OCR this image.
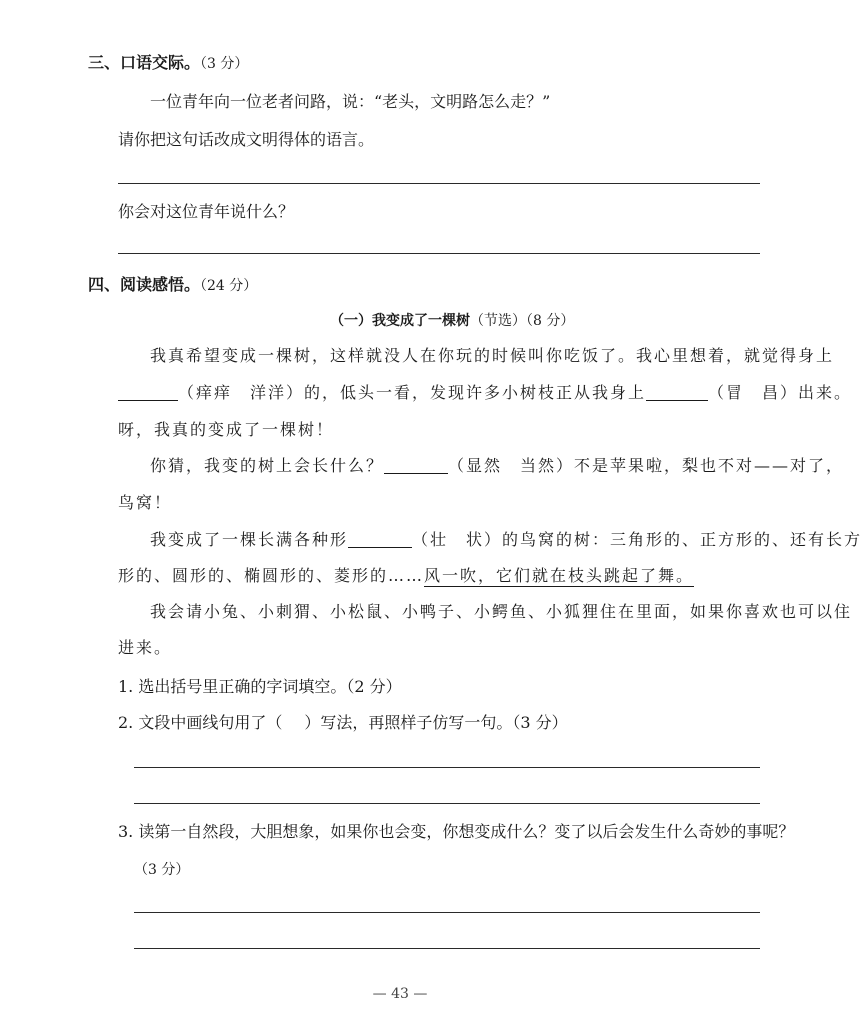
三、口语交际。（3 分）
一位青年向一位老者问路，说：“老头，文明路怎么走？”
请你把这句话改成文明得体的语言。
你会对这位青年说什么？
四、阅读感悟。（24 分）
（一）我变成了一棵树（节选）（8 分）
我真希望变成一棵树，这样就没人在你玩的时候叫你吃饭了。我心里想着，就觉得身上
（痒痒　洋洋）的，低头一看，发现许多小树枝正从我身上	（冒　昌）出来。
呀，我真的变成了一棵树！
你猜，我变的树上会长什么？	（显然　当然）不是苹果啦，梨也不对——对了，
鸟窝！
我变成了一棵长满各种形	（壮　状）的鸟窝的树：三角形的、正方形的、还有长方
形的、圆形的、椭圆形的、菱形的……风一吹，它们就在枝头跳起了舞。
我会请小兔、小刺猬、小松鼠、小鸭子、小鳄鱼、小狐狸住在里面，如果你喜欢也可以住
进来。
1. 选出括号里正确的字词填空。（2 分）
2. 文段中画线句用了（ ）写法，再照样子仿写一句。（3 分）
3. 读第一自然段，大胆想象，如果你也会变，你想变成什么？变了以后会发生什么奇妙的事呢？
（3 分）
— 43 —
